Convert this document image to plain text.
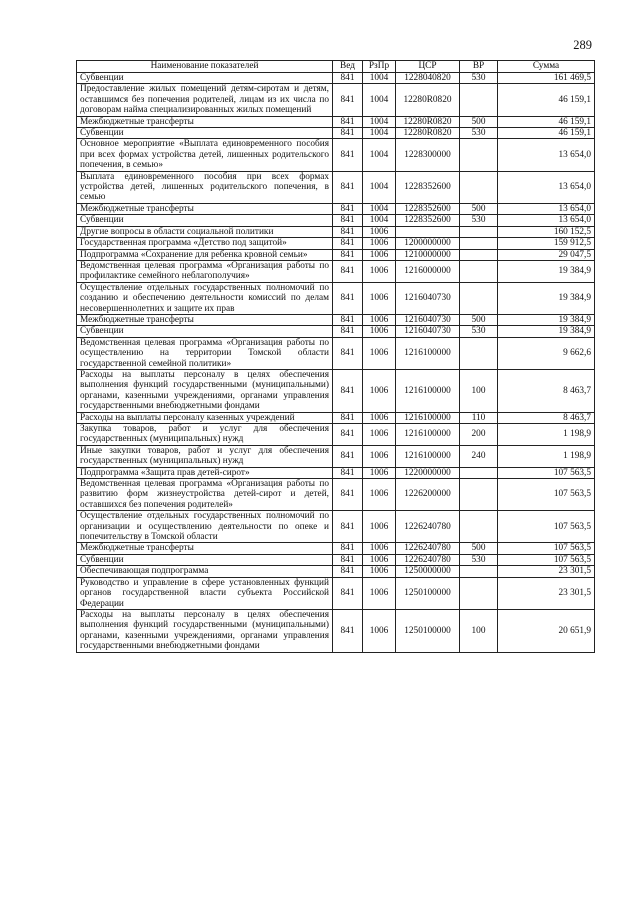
289
Наименование показателей	Вед	РзПр	ЦСР	ВР	Сумма
Субвенции	841	1004	1228040820	530	161 469,5
Предоставление жилых помещений детям-сиротам и детям, оставшимся без попечения родителей, лицам из их числа по договорам найма специализированных жилых помещений	841	1004	12280R0820		46 159,1
Межбюджетные трансферты	841	1004	12280R0820	500	46 159,1
Субвенции	841	1004	12280R0820	530	46 159,1
Основное мероприятие «Выплата единовременного пособия при всех формах устройства детей, лишенных родительского попечения, в семью»	841	1004	1228300000		13 654,0
Выплата единовременного пособия при всех формах устройства детей, лишенных родительского попечения, в семью	841	1004	1228352600		13 654,0
Межбюджетные трансферты	841	1004	1228352600	500	13 654,0
Субвенции	841	1004	1228352600	530	13 654,0
Другие вопросы в области социальной политики	841	1006			160 152,5
Государственная программа «Детство под защитой»	841	1006	1200000000		159 912,5
Подпрограмма «Сохранение для ребенка кровной семьи»	841	1006	1210000000		29 047,5
Ведомственная целевая программа «Организация работы по профилактике семейного неблагополучия»	841	1006	1216000000		19 384,9
Осуществление отдельных государственных полномочий по созданию и обеспечению деятельности комиссий по делам несовершеннолетних и защите их прав	841	1006	1216040730		19 384,9
Межбюджетные трансферты	841	1006	1216040730	500	19 384,9
Субвенции	841	1006	1216040730	530	19 384,9
Ведомственная целевая программа «Организация работы по осуществлению на территории Томской области государственной семейной политики»	841	1006	1216100000		9 662,6
Расходы на выплаты персоналу в целях обеспечения выполнения функций государственными (муниципальными) органами, казенными учреждениями, органами управления государственными внебюджетными фондами	841	1006	1216100000	100	8 463,7
Расходы на выплаты персоналу казенных учреждений	841	1006	1216100000	110	8 463,7
Закупка товаров, работ и услуг для обеспечения государственных (муниципальных) нужд	841	1006	1216100000	200	1 198,9
Иные закупки товаров, работ и услуг для обеспечения государственных (муниципальных) нужд	841	1006	1216100000	240	1 198,9
Подпрограмма «Защита прав детей-сирот»	841	1006	1220000000		107 563,5
Ведомственная целевая программа «Организация работы по развитию форм жизнеустройства детей-сирот и детей, оставшихся без попечения родителей»	841	1006	1226200000		107 563,5
Осуществление отдельных государственных полномочий по организации и осуществлению деятельности по опеке и попечительству в Томской области	841	1006	1226240780		107 563,5
Межбюджетные трансферты	841	1006	1226240780	500	107 563,5
Субвенции	841	1006	1226240780	530	107 563,5
Обеспечивающая подпрограмма	841	1006	1250000000		23 301,5
Руководство и управление в сфере установленных функций органов государственной власти субъекта Российской Федерации	841	1006	1250100000		23 301,5
Расходы на выплаты персоналу в целях обеспечения выполнения функций государственными (муниципальными) органами, казенными учреждениями, органами управления государственными внебюджетными фондами	841	1006	1250100000	100	20 651,9
